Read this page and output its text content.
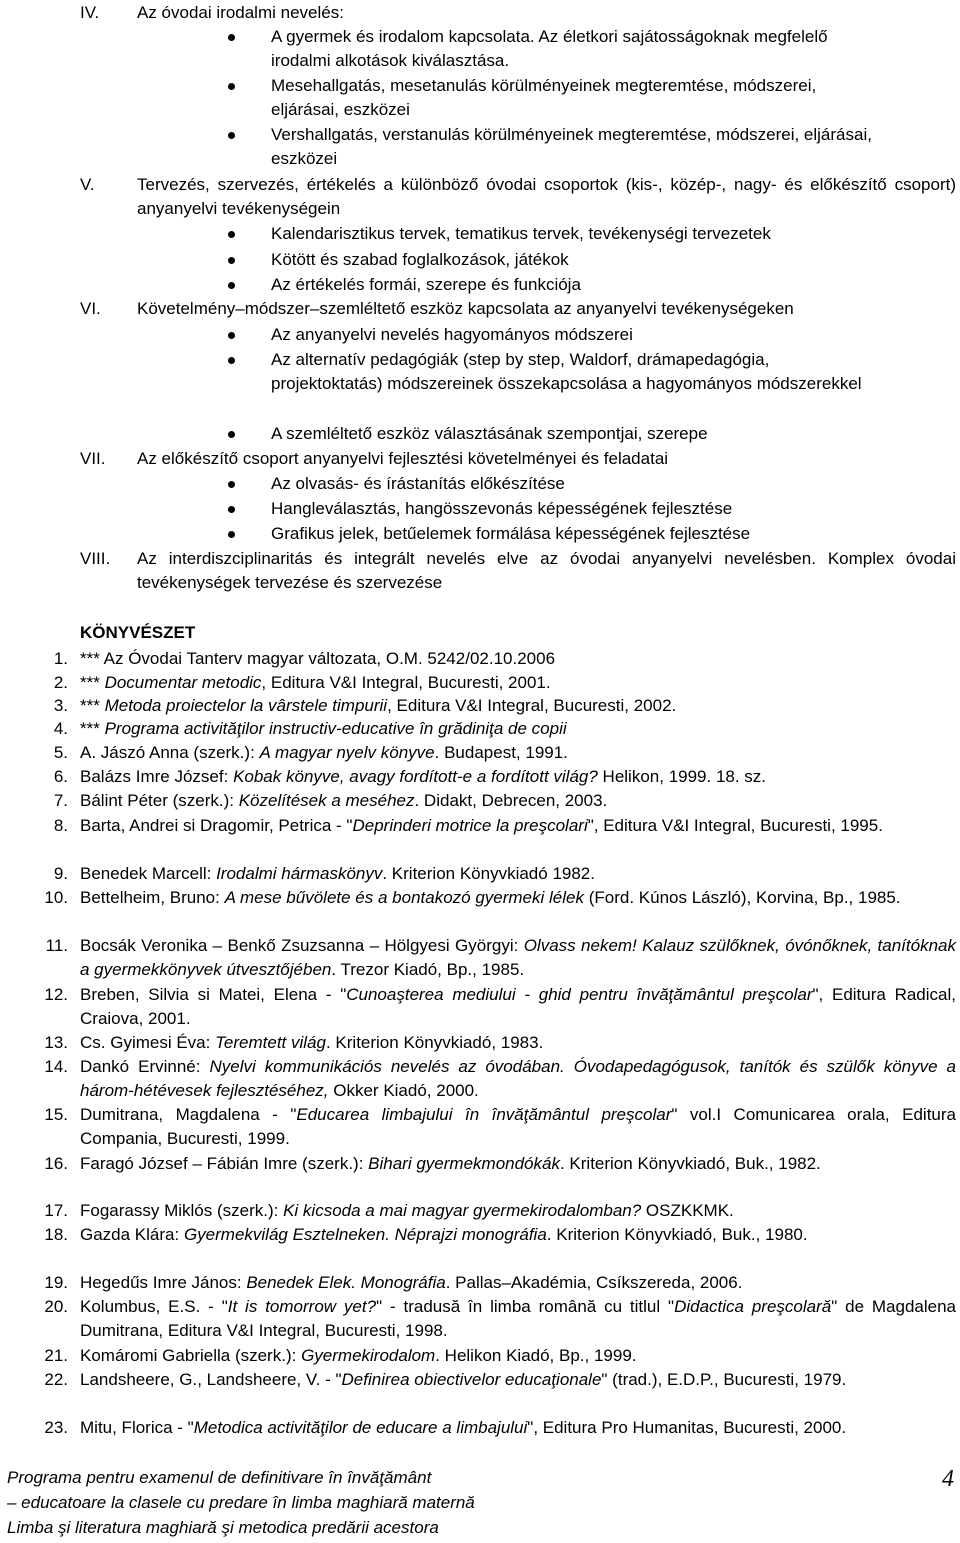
IV. Az óvodai irodalmi nevelés:
A gyermek és irodalom kapcsolata. Az életkori sajátosságoknak megfelelő irodalmi alkotások kiválasztása.
Mesehallgatás, mesetanulás körülményeinek megteremtése, módszerei, eljárásai, eszközei
Vershallgatás, verstanulás körülményeinek megteremtése, módszerei, eljárásai, eszközei
V. Tervezés, szervezés, értékelés a különböző óvodai csoportok (kis-, közép-, nagy- és előkészítő csoport) anyanyelvi tevékenységein
Kalendarisztikus tervek, tematikus tervek, tevékenységi tervezetek
Kötött és szabad foglalkozások, játékok
Az értékelés formái, szerepe és funkciója
VI. Követelmény–módszer–szemléltető eszköz kapcsolata az anyanyelvi tevékenységeken
Az anyanyelvi nevelés hagyományos módszerei
Az alternatív pedagógiák (step by step, Waldorf, drámapedagógia, projektoktatás) módszereinek összekapcsolása a hagyományos módszerekkel
A szemléltető eszköz választásának szempontjai, szerepe
VII. Az előkészítő csoport anyanyelvi fejlesztési követelményei és feladatai
Az olvasás- és írástanítás előkészítése
Hangleválasztás, hangösszevonás képességének fejlesztése
Grafikus jelek, betűelemek formálása képességének fejlesztése
VIII. Az interdiszciplinaritás és integrált nevelés elve az óvodai anyanyelvi nevelésben. Komplex óvodai tevékenységek tervezése és szervezése
KÖNYVÉSZET
1. *** Az Óvodai Tanterv magyar változata, O.M. 5242/02.10.2006
2. *** Documentar metodic, Editura V&I Integral, Bucuresti, 2001.
3. *** Metoda proiectelor la vârstele timpurii, Editura V&I Integral, Bucuresti, 2002.
4. *** Programa activităţilor instructiv-educative în grădiniţa de copii
5. A. Jászó Anna (szerk.): A magyar nyelv könyve. Budapest, 1991.
6. Balázs Imre József: Kobak könyve, avagy fordított-e a fordított világ? Helikon, 1999. 18. sz.
7. Bálint Péter (szerk.): Közelítések a meséhez. Didakt, Debrecen, 2003.
8. Barta, Andrei si Dragomir, Petrica - "Deprinderi motrice la preşcolari", Editura V&I Integral, Bucuresti, 1995.
9. Benedek Marcell: Irodalmi hármaskönyv. Kriterion Könyvkiadó 1982.
10. Bettelheim, Bruno: A mese bűvölete és a bontakozó gyermeki lélek (Ford. Kúnos László), Korvina, Bp., 1985.
11. Bocsák Veronika – Benkő Zsuzsanna – Hölgyesi Györgyi: Olvass nekem! Kalauz szülőknek, óvónőknek, tanítóknak a gyermekkönyvek útvesztőjében. Trezor Kiadó, Bp., 1985.
12. Breben, Silvia si Matei, Elena - "Cunoaşterea mediului - ghid pentru învăţământul preşcolar", Editura Radical, Craiova, 2001.
13. Cs. Gyimesi Éva: Teremtett világ. Kriterion Könyvkiadó, 1983.
14. Dankó Ervinné: Nyelvi kommunikációs nevelés az óvodában. Óvodapedagógusok, tanítók és szülők könyve a három-hétévesek fejlesztéséhez, Okker Kiadó, 2000.
15. Dumitrana, Magdalena - "Educarea limbajului în învăţământul preşcolar" vol.I Comunicarea orala, Editura Compania, Bucuresti, 1999.
16. Faragó József – Fábián Imre (szerk.): Bihari gyermekmondókák. Kriterion Könyvkiadó, Buk., 1982.
17. Fogarassy Miklós (szerk.): Ki kicsoda a mai magyar gyermekirodalomban? OSZKKMK.
18. Gazda Klára: Gyermekvilág Esztelneken. Néprajzi monográfia. Kriterion Könyvkiadó, Buk., 1980.
19. Hegedűs Imre János: Benedek Elek. Monográfia. Pallas–Akadémia, Csíkszereda, 2006.
20. Kolumbus, E.S. - "It is tomorrow yet?" - tradusă în limba română cu titlul "Didactica preşcolară" de Magdalena Dumitrana, Editura V&I Integral, Bucuresti, 1998.
21. Komáromi Gabriella (szerk.): Gyermekirodalom. Helikon Kiadó, Bp., 1999.
22. Landsheere, G., Landsheere, V. - "Definirea obiectivelor educaţionale" (trad.), E.D.P., Bucuresti, 1979.
23. Mitu, Florica - "Metodica activităţilor de educare a limbajului", Editura Pro Humanitas, Bucuresti, 2000.
Programa pentru examenul de definitivare în învăţământ
– educatoare la clasele cu predare în limba maghiară maternă
Limba şi literatura maghiară şi metodica predării acestora
4
